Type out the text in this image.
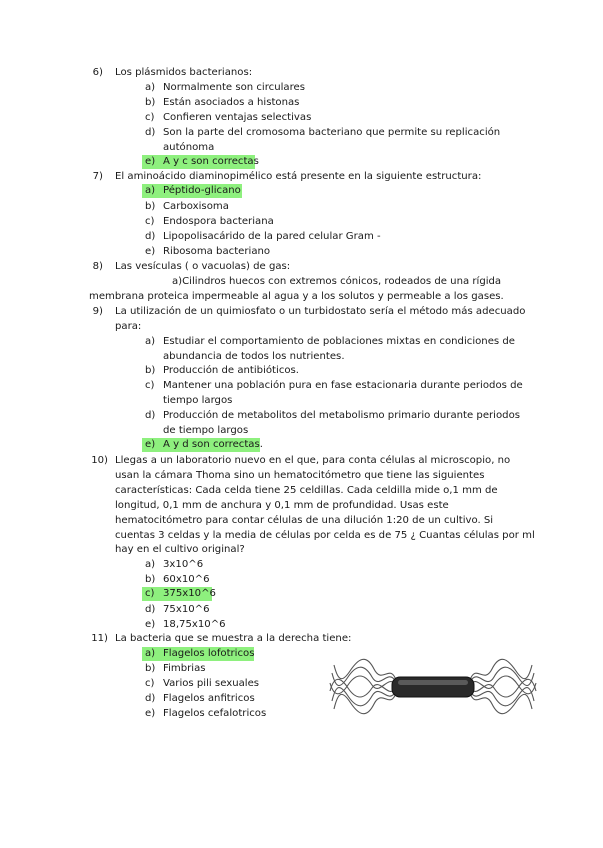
6) Los plásmidos bacterianos:
a) Normalmente son circulares
b) Están asociados a histonas
c) Confieren ventajas selectivas
d) Son la parte del cromosoma bacteriano que permite su replicación
autónoma
e) A y c son correctas
7) El aminoácido diaminopimélico está presente en la siguiente estructura:
a) Péptido-glicano
b) Carboxisoma
c) Endospora bacteriana
d) Lipopolisacárido de la pared celular Gram -
e) Ribosoma bacteriano
8) Las vesículas ( o vacuolas) de gas:
a)Cilindros huecos con extremos cónicos, rodeados de una rígida
membrana proteica impermeable al agua y a los solutos y permeable a los gases.
9) La utilización de un quimiosfato o un turbidostato sería el método más adecuado
para:
a) Estudiar el comportamiento de poblaciones mixtas en condiciones de
abundancia de todos los nutrientes.
b) Producción de antibióticos.
c) Mantener una población pura en fase estacionaria durante periodos de
tiempo largos
d) Producción de metabolitos del metabolismo primario durante periodos
de tiempo largos
e) A y d son correctas.
10) Llegas a un laboratorio nuevo en el que, para conta células al microscopio, no
usan la cámara Thoma sino un hematocitómetro que tiene las siguientes
características: Cada celda tiene 25 celdillas. Cada celdilla mide o,1 mm de
longitud, 0,1 mm de anchura y 0,1 mm de profundidad. Usas este
hematocitómetro para contar células de una dilución 1:20 de un cultivo. Si
cuentas 3 celdas y la media de células por celda es de 75 ¿ Cuantas células por ml
hay en el cultivo original?
a) 3x10^6
b) 60x10^6
c) 375x10^6
d) 75x10^6
e) 18,75x10^6
11) La bacteria que se muestra a la derecha tiene:
a) Flagelos lofotricos
b) Fimbrias
c) Varios pili sexuales
d) Flagelos anfitricos
e) Flagelos cefalotricos
